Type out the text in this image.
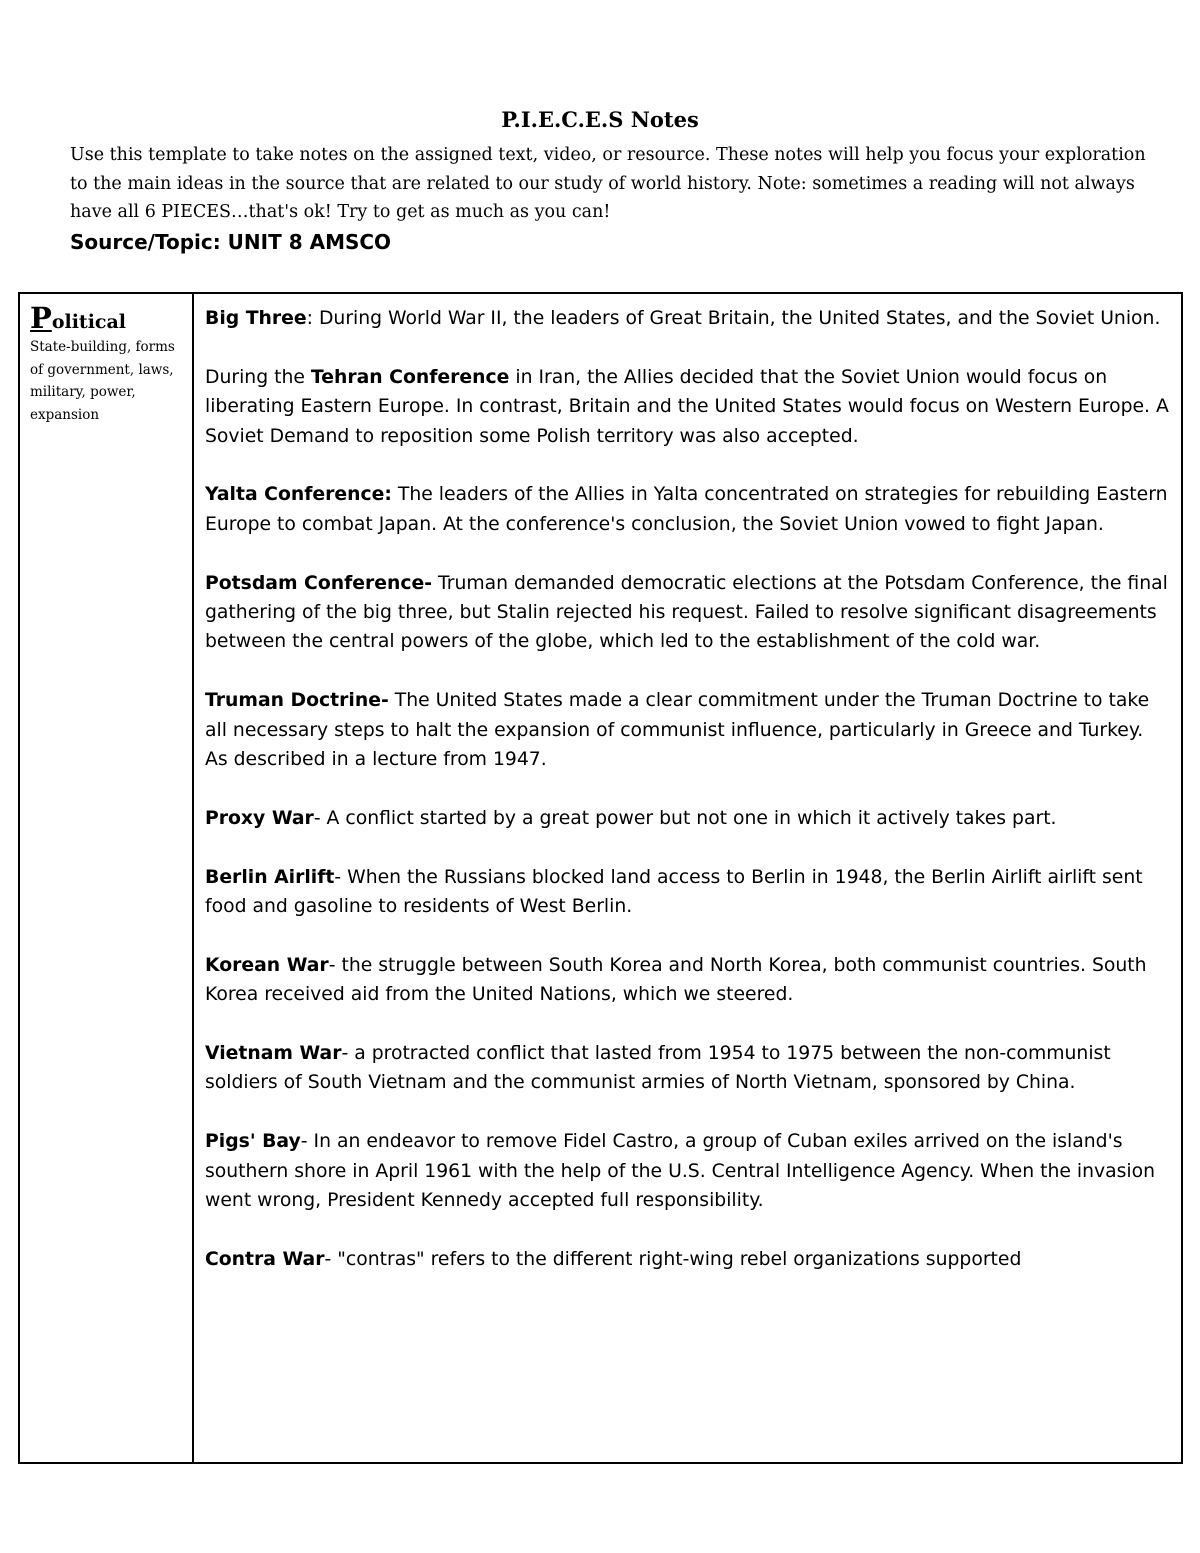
P.I.E.C.E.S Notes
Use this template to take notes on the assigned text, video, or resource. These notes will help you focus your exploration to the main ideas in the source that are related to our study of world history. Note: sometimes a reading will not always have all 6 PIECES…that's ok! Try to get as much as you can!
Source/Topic: UNIT 8 AMSCO
Political
State-building, forms of government, laws, military, power, expansion
Big Three: During World War II, the leaders of Great Britain, the United States, and the Soviet Union.
During the Tehran Conference in Iran, the Allies decided that the Soviet Union would focus on liberating Eastern Europe. In contrast, Britain and the United States would focus on Western Europe. A Soviet Demand to reposition some Polish territory was also accepted.
Yalta Conference: The leaders of the Allies in Yalta concentrated on strategies for rebuilding Eastern Europe to combat Japan. At the conference's conclusion, the Soviet Union vowed to fight Japan.
Potsdam Conference- Truman demanded democratic elections at the Potsdam Conference, the final gathering of the big three, but Stalin rejected his request. Failed to resolve significant disagreements between the central powers of the globe, which led to the establishment of the cold war.
Truman Doctrine- The United States made a clear commitment under the Truman Doctrine to take all necessary steps to halt the expansion of communist influence, particularly in Greece and Turkey. As described in a lecture from 1947.
Proxy War- A conflict started by a great power but not one in which it actively takes part.
Berlin Airlift- When the Russians blocked land access to Berlin in 1948, the Berlin Airlift airlift sent food and gasoline to residents of West Berlin.
Korean War- the struggle between South Korea and North Korea, both communist countries. South Korea received aid from the United Nations, which we steered.
Vietnam War- a protracted conflict that lasted from 1954 to 1975 between the non-communist soldiers of South Vietnam and the communist armies of North Vietnam, sponsored by China.
Pigs' Bay- In an endeavor to remove Fidel Castro, a group of Cuban exiles arrived on the island's southern shore in April 1961 with the help of the U.S. Central Intelligence Agency. When the invasion went wrong, President Kennedy accepted full responsibility.
Contra War- "contras" refers to the different right-wing rebel organizations supported
